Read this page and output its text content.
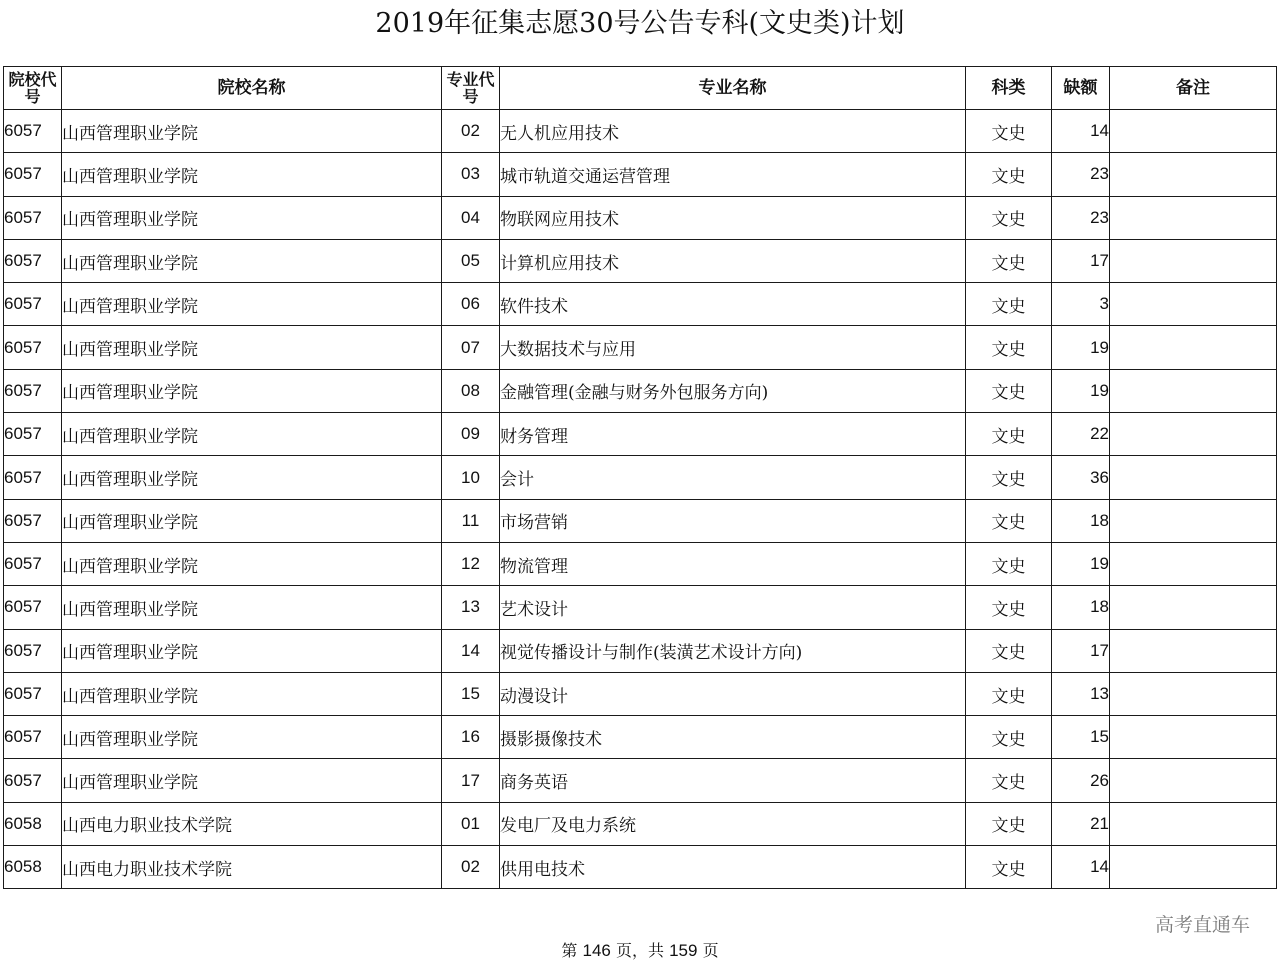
2019年征集志愿30号公告专科(文史类)计划
院校代号	院校名称	专业代号	专业名称	科类	缺额	备注
6057	山西管理职业学院	02	无人机应用技术	文史	14	
6057	山西管理职业学院	03	城市轨道交通运营管理	文史	23	
6057	山西管理职业学院	04	物联网应用技术	文史	23	
6057	山西管理职业学院	05	计算机应用技术	文史	17	
6057	山西管理职业学院	06	软件技术	文史	3	
6057	山西管理职业学院	07	大数据技术与应用	文史	19	
6057	山西管理职业学院	08	金融管理(金融与财务外包服务方向)	文史	19	
6057	山西管理职业学院	09	财务管理	文史	22	
6057	山西管理职业学院	10	会计	文史	36	
6057	山西管理职业学院	11	市场营销	文史	18	
6057	山西管理职业学院	12	物流管理	文史	19	
6057	山西管理职业学院	13	艺术设计	文史	18	
6057	山西管理职业学院	14	视觉传播设计与制作(装潢艺术设计方向)	文史	17	
6057	山西管理职业学院	15	动漫设计	文史	13	
6057	山西管理职业学院	16	摄影摄像技术	文史	15	
6057	山西管理职业学院	17	商务英语	文史	26	
6058	山西电力职业技术学院	01	发电厂及电力系统	文史	21	
6058	山西电力职业技术学院	02	供用电技术	文史	14	
高考直通车
第 146 页，共 159 页
